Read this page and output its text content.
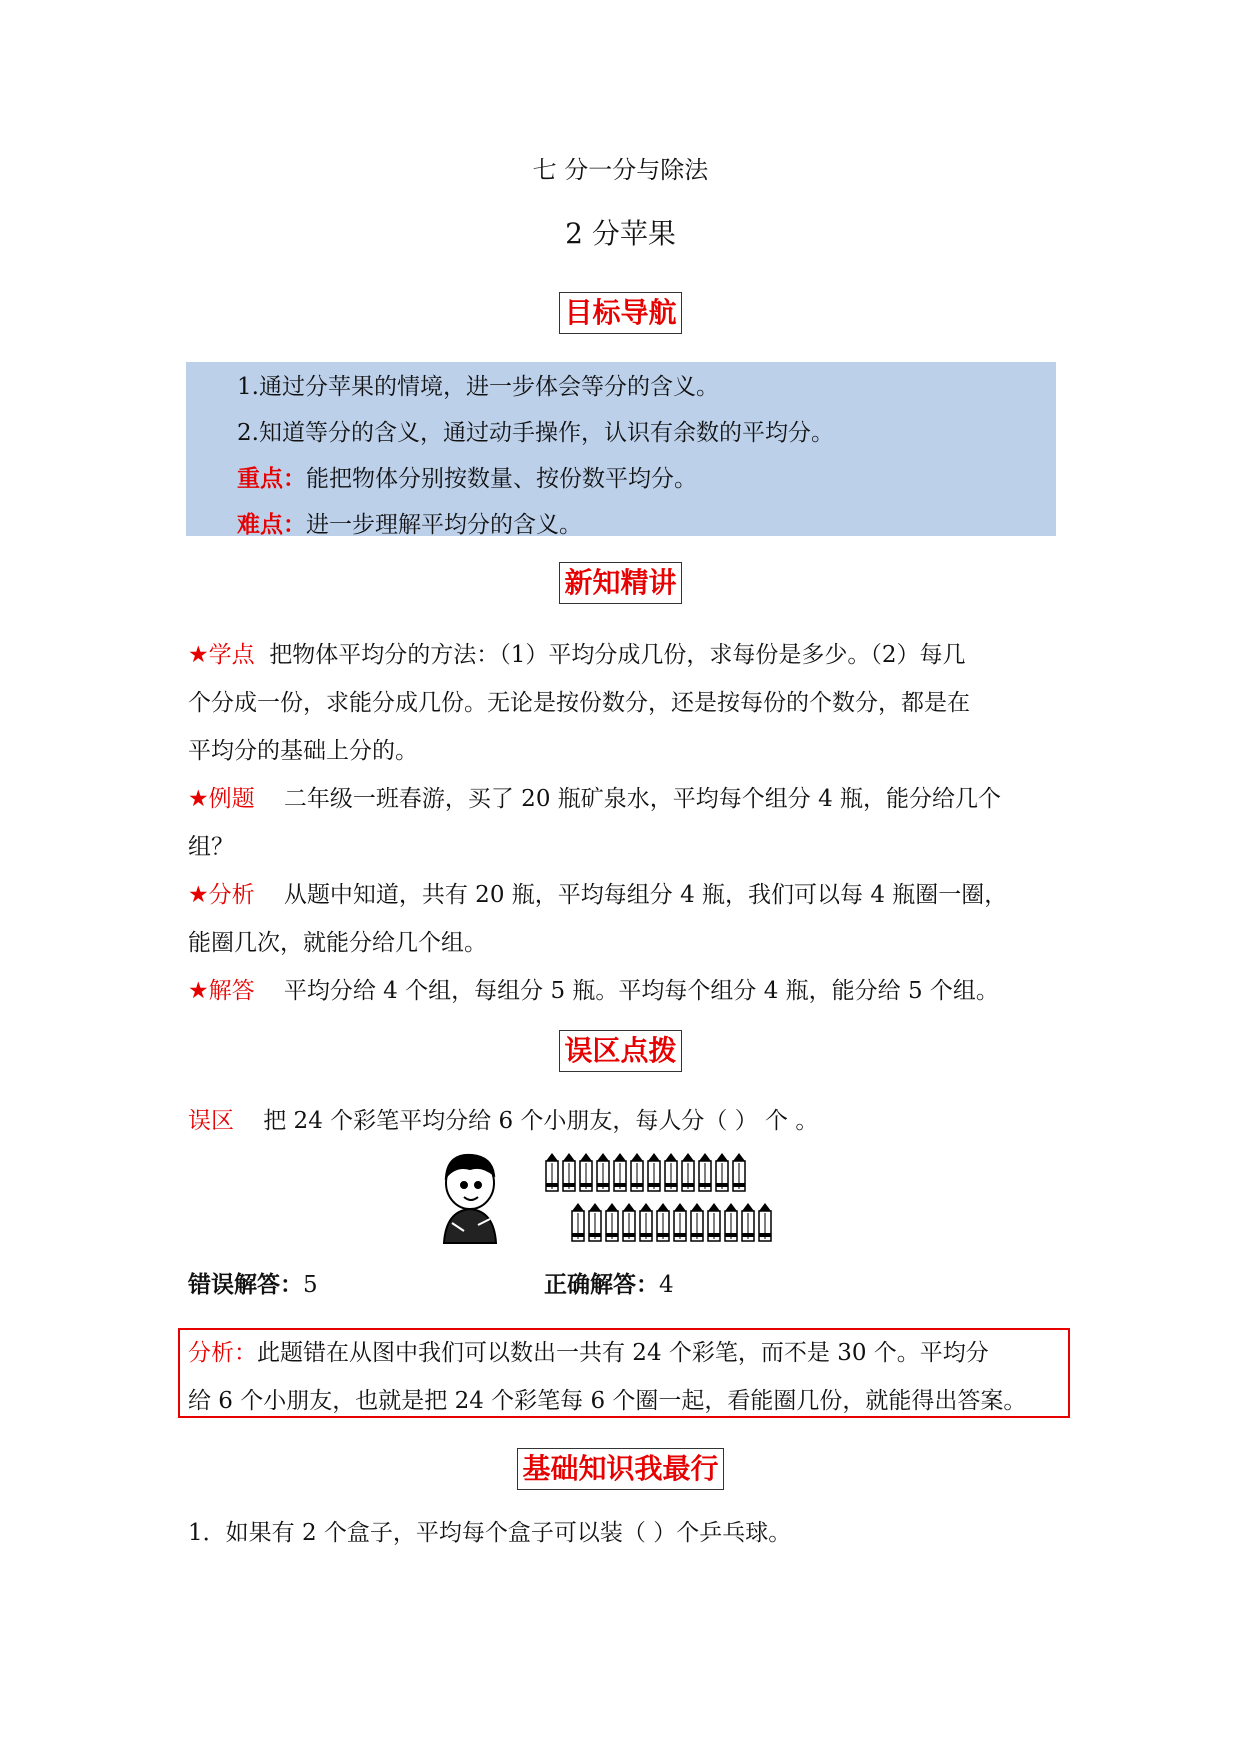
七 分一分与除法
2 分苹果
目标导航
1.通过分苹果的情境，进一步体会等分的含义。
2.知道等分的含义，通过动手操作，认识有余数的平均分。
重点：能把物体分别按数量、按份数平均分。
难点：进一步理解平均分的含义。
新知精讲
★学点 把物体平均分的方法：（1）平均分成几份，求每份是多少。（2）每几
个分成一份，求能分成几份。无论是按份数分，还是按每份的个数分，都是在
平均分的基础上分的。
★例题 二年级一班春游，买了 20 瓶矿泉水，平均每个组分 4 瓶，能分给几个
组？
★分析 从题中知道，共有 20 瓶，平均每组分 4 瓶，我们可以每 4 瓶圈一圈，
能圈几次，就能分给几个组。
★解答 平均分给 4 个组，每组分 5 瓶。平均每个组分 4 瓶，能分给 5 个组。
误区点拨
误区 把 24 个彩笔平均分给 6 个小朋友，每人分（ ） 个 。
错误解答：5	正确解答：4
分析：此题错在从图中我们可以数出一共有 24 个彩笔，而不是 30 个。平均分
给 6 个小朋友，也就是把 24 个彩笔每 6 个圈一起，看能圈几份，就能得出答案。
基础知识我最行
1．如果有 2 个盒子，平均每个盒子可以装（ ）个乒乓球。
